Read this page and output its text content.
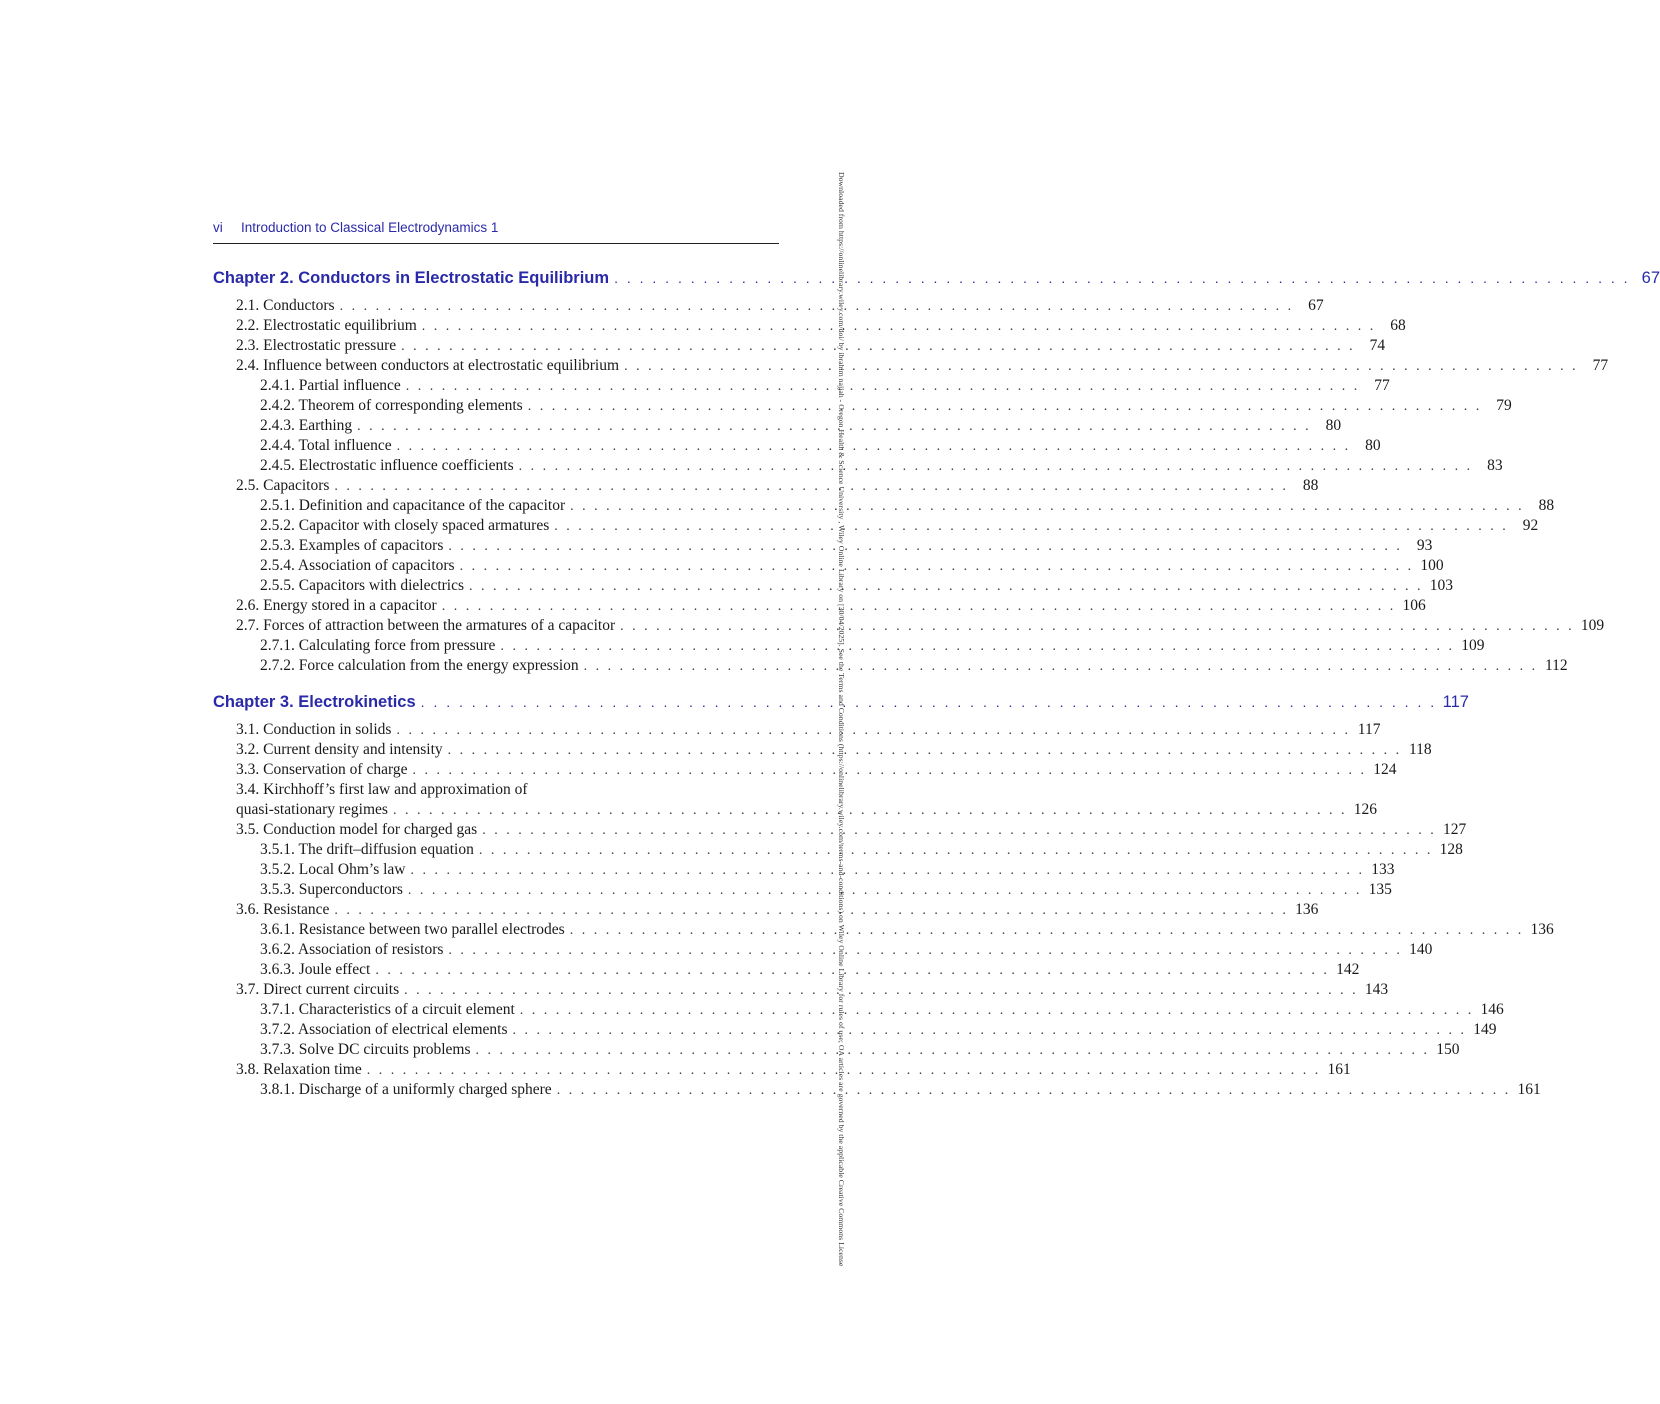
vi Introduction to Classical Electrodynamics 1
Chapter 2. Conductors in Electrostatic Equilibrium . . . . . . . . . . . . . . . . . . . . . . . . . . . . . . . . . . . . . . . . . . . . . . . . . . . . . . . . . . . . . . . . . . . . . . . . . . . . . . . . 67
2.1. Conductors . . . . . . . . . . . . . . . . . . . . . . . . . . . . . . . . . . . . . . . . . . . . . . . . . . . . . . . . . . . . . . . . . . . . . . . . . . . . . . . . 67
2.2. Electrostatic equilibrium . . . . . . . . . . . . . . . . . . . . . . . . . . . . . . . . . . . . . . . . . . . . . . . . . . . . . . . . . . . . . . . . . . . . . . . . . . . . . . . . 68
2.3. Electrostatic pressure . . . . . . . . . . . . . . . . . . . . . . . . . . . . . . . . . . . . . . . . . . . . . . . . . . . . . . . . . . . . . . . . . . . . . . . . . . . . . . . . 74
2.4. Influence between conductors at electrostatic equilibrium . . . . . . . . . . . . . . . . . . . . . . . . . . . . . . . . . . . . . . . . . . . . . . . . . . . . . . . . . . . . . . . . . . . . . . . . . . . . . . . . 77
2.4.1. Partial influence . . . . . . . . . . . . . . . . . . . . . . . . . . . . . . . . . . . . . . . . . . . . . . . . . . . . . . . . . . . . . . . . . . . . . . . . . . . . . . . . 77
2.4.2. Theorem of corresponding elements . . . . . . . . . . . . . . . . . . . . . . . . . . . . . . . . . . . . . . . . . . . . . . . . . . . . . . . . . . . . . . . . . . . . . . . . . . . . . . . . 79
2.4.3. Earthing . . . . . . . . . . . . . . . . . . . . . . . . . . . . . . . . . . . . . . . . . . . . . . . . . . . . . . . . . . . . . . . . . . . . . . . . . . . . . . . . 80
2.4.4. Total influence . . . . . . . . . . . . . . . . . . . . . . . . . . . . . . . . . . . . . . . . . . . . . . . . . . . . . . . . . . . . . . . . . . . . . . . . . . . . . . . . 80
2.4.5. Electrostatic influence coefficients . . . . . . . . . . . . . . . . . . . . . . . . . . . . . . . . . . . . . . . . . . . . . . . . . . . . . . . . . . . . . . . . . . . . . . . . . . . . . . . . 83
2.5. Capacitors . . . . . . . . . . . . . . . . . . . . . . . . . . . . . . . . . . . . . . . . . . . . . . . . . . . . . . . . . . . . . . . . . . . . . . . . . . . . . . . . 88
2.5.1. Definition and capacitance of the capacitor . . . . . . . . . . . . . . . . . . . . . . . . . . . . . . . . . . . . . . . . . . . . . . . . . . . . . . . . . . . . . . . . . . . . . . . . . . . . . . . . 88
2.5.2. Capacitor with closely spaced armatures . . . . . . . . . . . . . . . . . . . . . . . . . . . . . . . . . . . . . . . . . . . . . . . . . . . . . . . . . . . . . . . . . . . . . . . . . . . . . . . . 92
2.5.3. Examples of capacitors . . . . . . . . . . . . . . . . . . . . . . . . . . . . . . . . . . . . . . . . . . . . . . . . . . . . . . . . . . . . . . . . . . . . . . . . . . . . . . . . 93
2.5.4. Association of capacitors . . . . . . . . . . . . . . . . . . . . . . . . . . . . . . . . . . . . . . . . . . . . . . . . . . . . . . . . . . . . . . . . . . . . . . . . . . . . . . . . 100
2.5.5. Capacitors with dielectrics . . . . . . . . . . . . . . . . . . . . . . . . . . . . . . . . . . . . . . . . . . . . . . . . . . . . . . . . . . . . . . . . . . . . . . . . . . . . . . . . 103
2.6. Energy stored in a capacitor . . . . . . . . . . . . . . . . . . . . . . . . . . . . . . . . . . . . . . . . . . . . . . . . . . . . . . . . . . . . . . . . . . . . . . . . . . . . . . . . 106
2.7. Forces of attraction between the armatures of a capacitor . . . . . . . . . . . . . . . . . . . . . . . . . . . . . . . . . . . . . . . . . . . . . . . . . . . . . . . . . . . . . . . . . . . . . . . . . . . . . . . . 109
2.7.1. Calculating force from pressure . . . . . . . . . . . . . . . . . . . . . . . . . . . . . . . . . . . . . . . . . . . . . . . . . . . . . . . . . . . . . . . . . . . . . . . . . . . . . . . . 109
2.7.2. Force calculation from the energy expression . . . . . . . . . . . . . . . . . . . . . . . . . . . . . . . . . . . . . . . . . . . . . . . . . . . . . . . . . . . . . . . . . . . . . . . . . . . . . . . . 112
Chapter 3. Electrokinetics . . . . . . . . . . . . . . . . . . . . . . . . . . . . . . . . . . . . . . . . . . . . . . . . . . . . . . . . . . . . . . . . . . . . . . . . . . . . . . . . 117
3.1. Conduction in solids . . . . . . . . . . . . . . . . . . . . . . . . . . . . . . . . . . . . . . . . . . . . . . . . . . . . . . . . . . . . . . . . . . . . . . . . . . . . . . . . 117
3.2. Current density and intensity . . . . . . . . . . . . . . . . . . . . . . . . . . . . . . . . . . . . . . . . . . . . . . . . . . . . . . . . . . . . . . . . . . . . . . . . . . . . . . . . 118
3.3. Conservation of charge . . . . . . . . . . . . . . . . . . . . . . . . . . . . . . . . . . . . . . . . . . . . . . . . . . . . . . . . . . . . . . . . . . . . . . . . . . . . . . . . 124
3.4. Kirchhoff’s first law and approximation of
quasi-stationary regimes . . . . . . . . . . . . . . . . . . . . . . . . . . . . . . . . . . . . . . . . . . . . . . . . . . . . . . . . . . . . . . . . . . . . . . . . . . . . . . . . 126
3.5. Conduction model for charged gas . . . . . . . . . . . . . . . . . . . . . . . . . . . . . . . . . . . . . . . . . . . . . . . . . . . . . . . . . . . . . . . . . . . . . . . . . . . . . . . . 127
3.5.1. The drift–diffusion equation . . . . . . . . . . . . . . . . . . . . . . . . . . . . . . . . . . . . . . . . . . . . . . . . . . . . . . . . . . . . . . . . . . . . . . . . . . . . . . . . 128
3.5.2. Local Ohm’s law . . . . . . . . . . . . . . . . . . . . . . . . . . . . . . . . . . . . . . . . . . . . . . . . . . . . . . . . . . . . . . . . . . . . . . . . . . . . . . . . 133
3.5.3. Superconductors . . . . . . . . . . . . . . . . . . . . . . . . . . . . . . . . . . . . . . . . . . . . . . . . . . . . . . . . . . . . . . . . . . . . . . . . . . . . . . . . 135
3.6. Resistance . . . . . . . . . . . . . . . . . . . . . . . . . . . . . . . . . . . . . . . . . . . . . . . . . . . . . . . . . . . . . . . . . . . . . . . . . . . . . . . . 136
3.6.1. Resistance between two parallel electrodes . . . . . . . . . . . . . . . . . . . . . . . . . . . . . . . . . . . . . . . . . . . . . . . . . . . . . . . . . . . . . . . . . . . . . . . . . . . . . . . . 136
3.6.2. Association of resistors . . . . . . . . . . . . . . . . . . . . . . . . . . . . . . . . . . . . . . . . . . . . . . . . . . . . . . . . . . . . . . . . . . . . . . . . . . . . . . . . 140
3.6.3. Joule effect . . . . . . . . . . . . . . . . . . . . . . . . . . . . . . . . . . . . . . . . . . . . . . . . . . . . . . . . . . . . . . . . . . . . . . . . . . . . . . . . 142
3.7. Direct current circuits . . . . . . . . . . . . . . . . . . . . . . . . . . . . . . . . . . . . . . . . . . . . . . . . . . . . . . . . . . . . . . . . . . . . . . . . . . . . . . . . 143
3.7.1. Characteristics of a circuit element . . . . . . . . . . . . . . . . . . . . . . . . . . . . . . . . . . . . . . . . . . . . . . . . . . . . . . . . . . . . . . . . . . . . . . . . . . . . . . . . 146
3.7.2. Association of electrical elements . . . . . . . . . . . . . . . . . . . . . . . . . . . . . . . . . . . . . . . . . . . . . . . . . . . . . . . . . . . . . . . . . . . . . . . . . . . . . . . . 149
3.7.3. Solve DC circuits problems . . . . . . . . . . . . . . . . . . . . . . . . . . . . . . . . . . . . . . . . . . . . . . . . . . . . . . . . . . . . . . . . . . . . . . . . . . . . . . . . 150
3.8. Relaxation time . . . . . . . . . . . . . . . . . . . . . . . . . . . . . . . . . . . . . . . . . . . . . . . . . . . . . . . . . . . . . . . . . . . . . . . . . . . . . . . . 161
3.8.1. Discharge of a uniformly charged sphere . . . . . . . . . . . . . . . . . . . . . . . . . . . . . . . . . . . . . . . . . . . . . . . . . . . . . . . . . . . . . . . . . . . . . . . . . . . . . . . . 161
Downloaded from https://onlinelibrary.wiley.com/doi/ by ibrahim najjah - Oregon Health & Science University , Wiley Online Library on [30/04/2025]. See the Terms and Conditions (https://onlinelibrary.wiley.com/terms-and-conditions) on Wiley Online Library for rules of use; OA articles are governed by the applicable Creative Commons License
